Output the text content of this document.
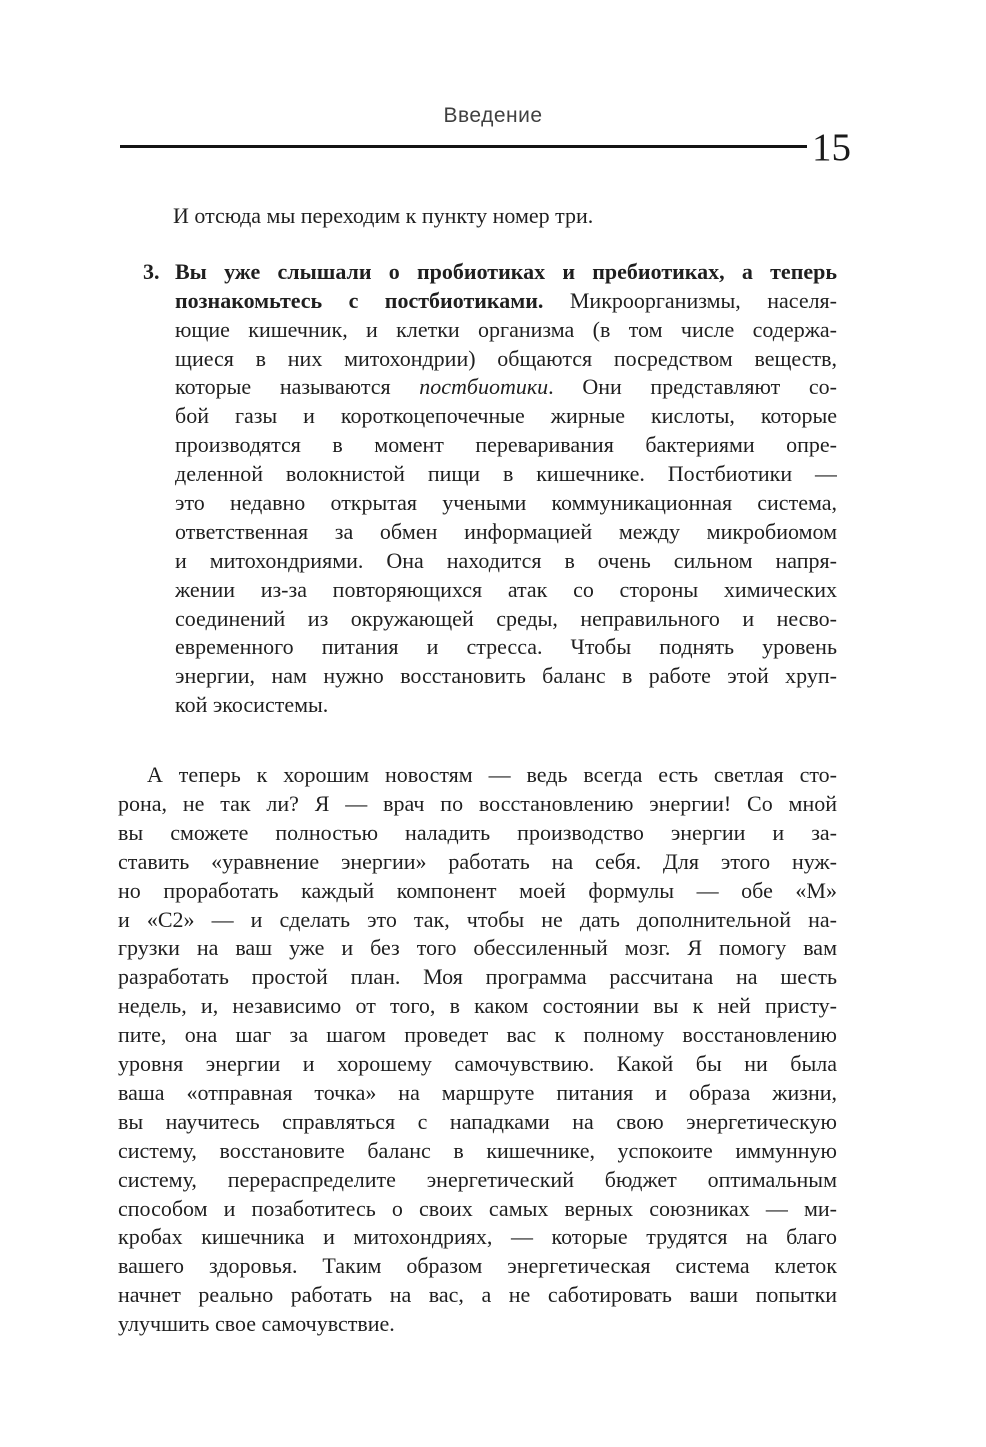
Введение
15
И отсюда мы переходим к пункту номер три.
3. Вы уже слышали о пробиотиках и пребиотиках, а теперь
познакомьтесь с постбиотиками. Микроорганизмы, населя-
ющие кишечник, и клетки организма (в том числе содержа-
щиеся в них митохондрии) общаются посредством веществ,
которые называются постбиотики. Они представляют со-
бой газы и короткоцепочечные жирные кислоты, которые
производятся в момент переваривания бактериями опре-
деленной волокнистой пищи в кишечнике. Постбиотики —
это недавно открытая учеными коммуникационная система,
ответственная за обмен информацией между микробиомом
и митохондриями. Она находится в очень сильном напря-
жении из-за повторяющихся атак со стороны химических
соединений из окружающей среды, неправильного и несво-
евременного питания и стресса. Чтобы поднять уровень
энергии, нам нужно восстановить баланс в работе этой хруп-
кой экосистемы.
А теперь к хорошим новостям — ведь всегда есть светлая сто-
рона, не так ли? Я — врач по восстановлению энергии! Со мной
вы сможете полностью наладить производство энергии и за-
ставить «уравнение энергии» работать на себя. Для этого нуж-
но проработать каждый компонент моей формулы — обе «М»
и «С2» — и сделать это так, чтобы не дать дополнительной на-
грузки на ваш уже и без того обессиленный мозг. Я помогу вам
разработать простой план. Моя программа рассчитана на шесть
недель, и, независимо от того, в каком состоянии вы к ней присту-
пите, она шаг за шагом проведет вас к полному восстановлению
уровня энергии и хорошему самочувствию. Какой бы ни была
ваша «отправная точка» на маршруте питания и образа жизни,
вы научитесь справляться с нападками на свою энергетическую
систему, восстановите баланс в кишечнике, успокоите иммунную
систему, перераспределите энергетический бюджет оптимальным
способом и позаботитесь о своих самых верных союзниках — ми-
кробах кишечника и митохондриях, — которые трудятся на благо
вашего здоровья. Таким образом энергетическая система клеток
начнет реально работать на вас, а не саботировать ваши попытки
улучшить свое самочувствие.
